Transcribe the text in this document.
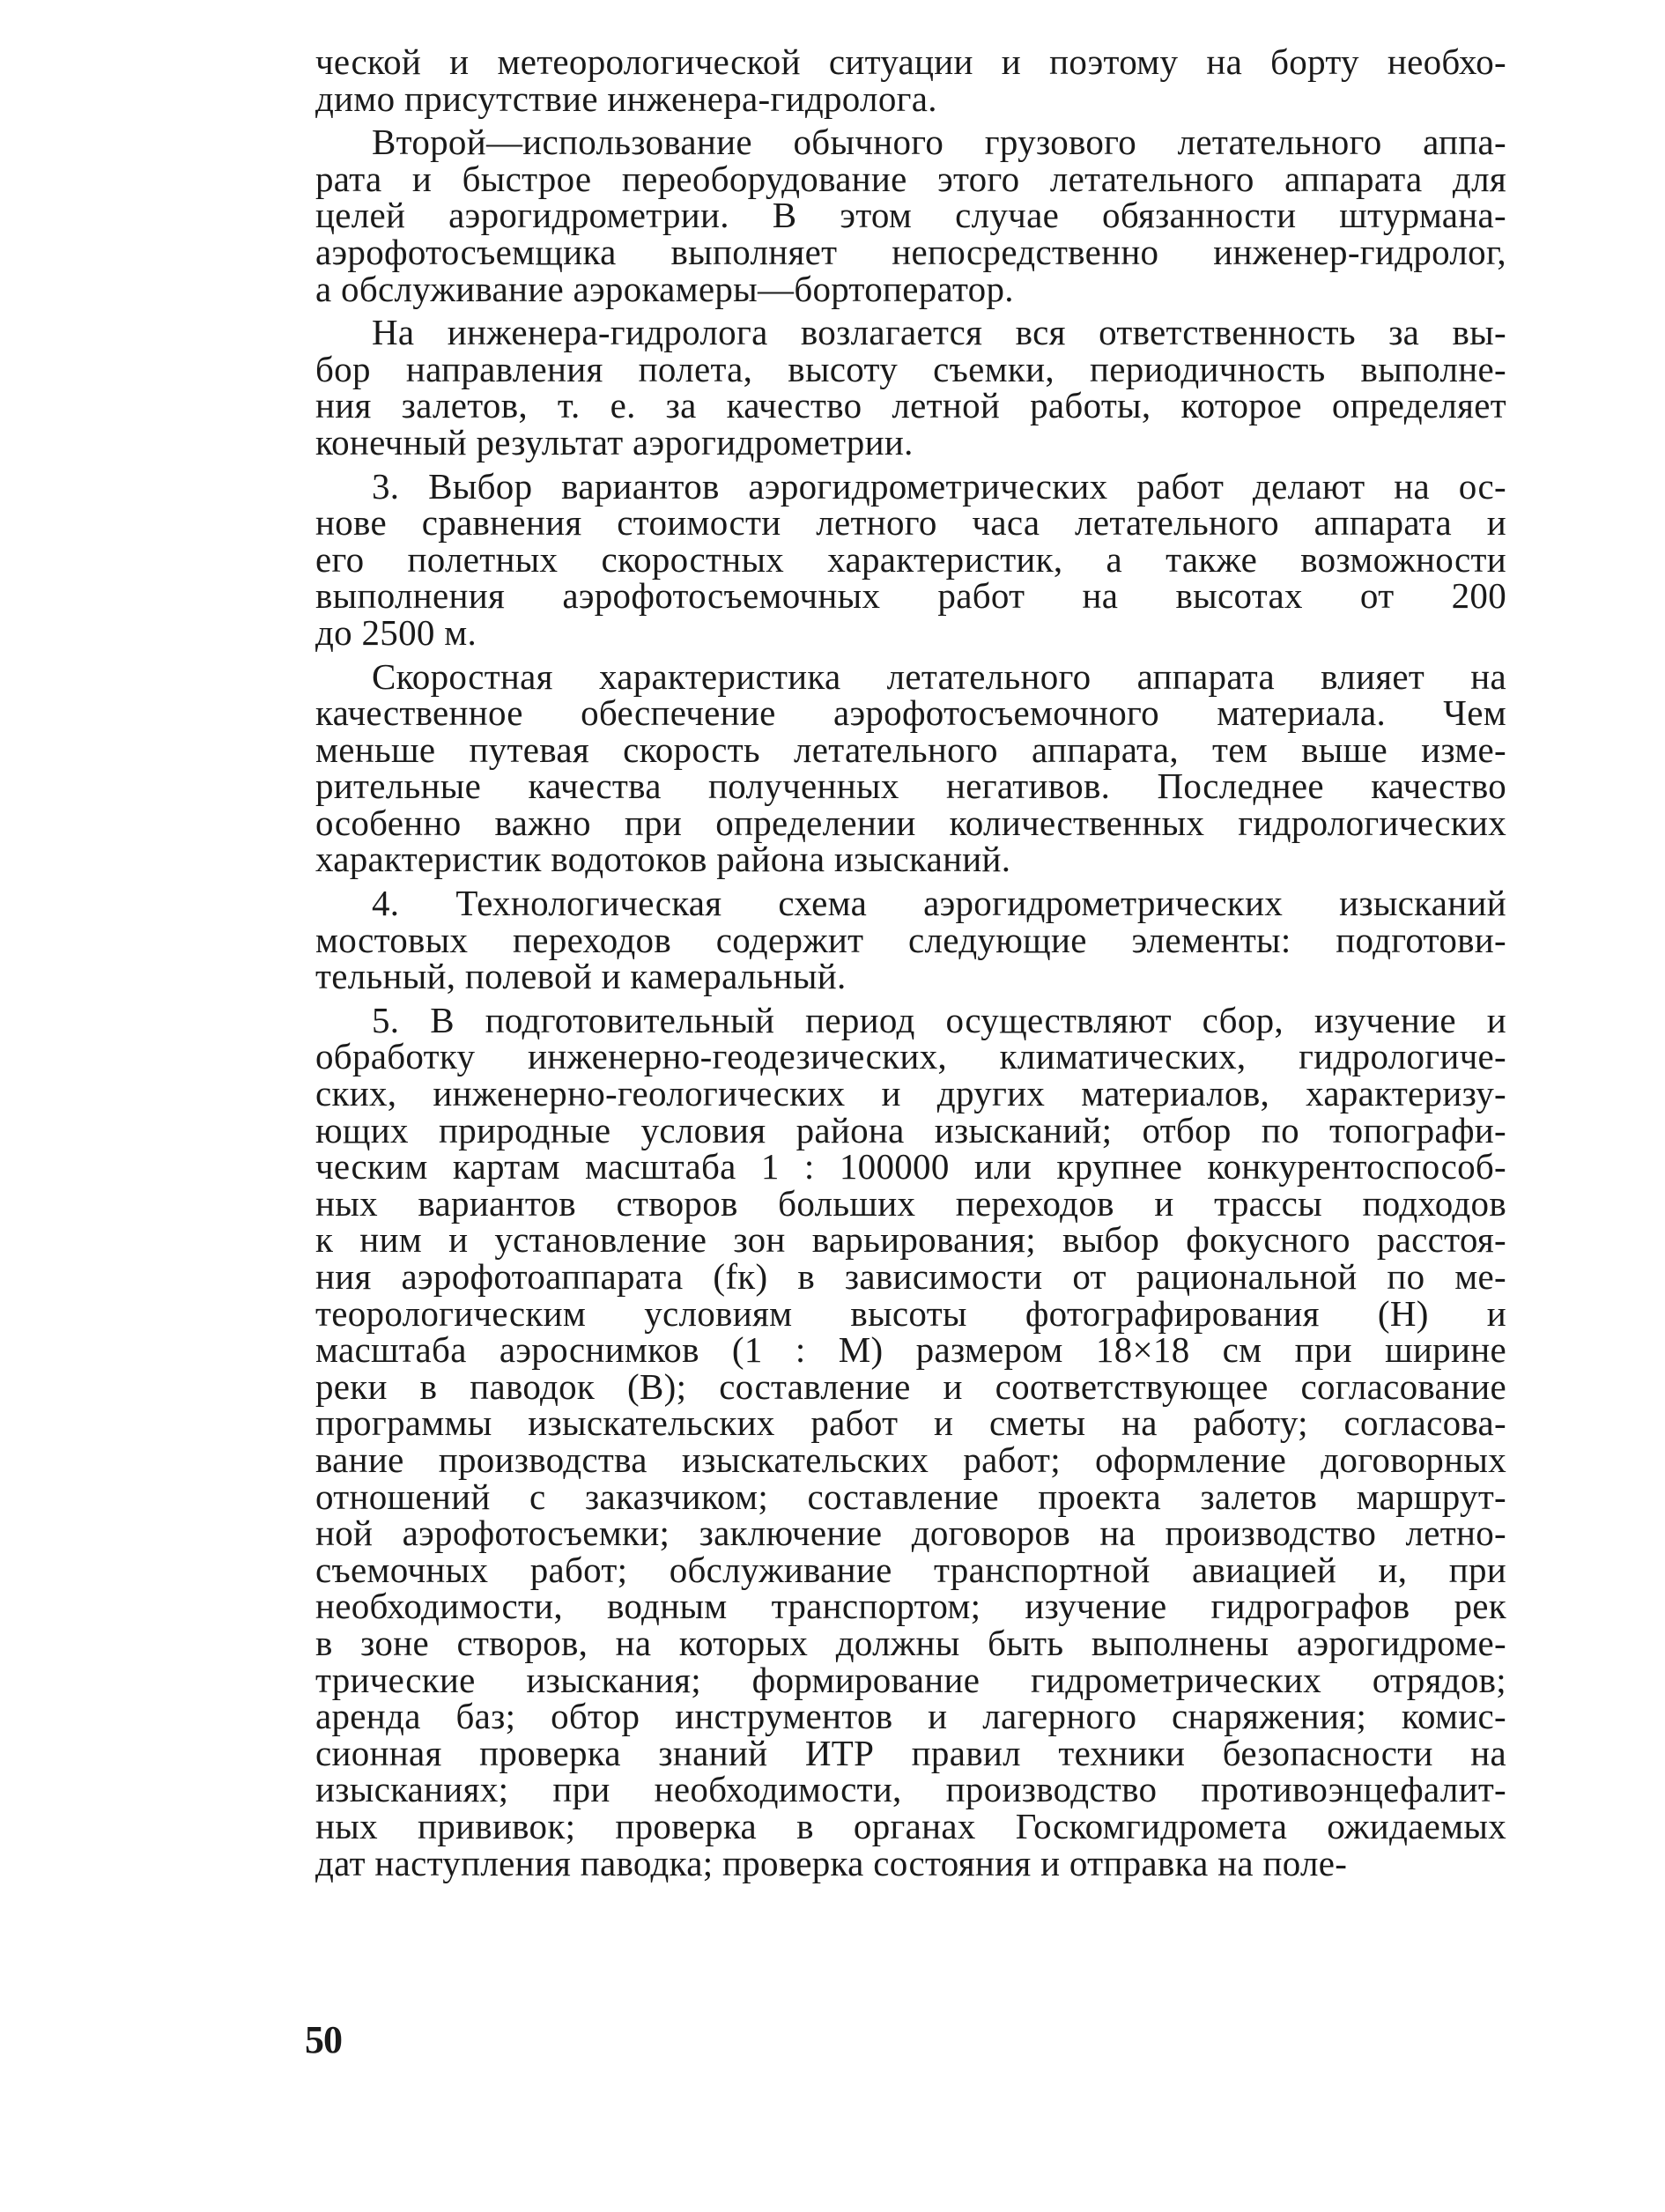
ческой и метеорологической ситуации и поэтому на борту необхо-
димо присутствие инженера-гидролога.
Второй—использование обычного грузового летательного аппа-
рата и быстрое переоборудование этого летательного аппарата для
целей аэрогидрометрии. В этом случае обязанности штурмана-
аэрофотосъемщика выполняет непосредственно инженер-гидролог,
а обслуживание аэрокамеры—бортоператор.
На инженера-гидролога возлагается вся ответственность за вы-
бор направления полета, высоту съемки, периодичность выполне-
ния залетов, т. е. за качество летной работы, которое определяет
конечный результат аэрогидрометрии.
3. Выбор вариантов аэрогидрометрических работ делают на ос-
нове сравнения стоимости летного часа летательного аппарата и
его полетных скоростных характеристик, а также возможности
выполнения аэрофотосъемочных работ на высотах от 200
до 2500 м.
Скоростная характеристика летательного аппарата влияет на
качественное обеспечение аэрофотосъемочного материала. Чем
меньше путевая скорость летательного аппарата, тем выше изме-
рительные качества полученных негативов. Последнее качество
особенно важно при определении количественных гидрологических
характеристик водотоков района изысканий.
4. Технологическая схема аэрогидрометрических изысканий
мостовых переходов содержит следующие элементы: подготови-
тельный, полевой и камеральный.
5. В подготовительный период осуществляют сбор, изучение и
обработку инженерно-геодезических, климатических, гидрологиче-
ских, инженерно-геологических и других материалов, характеризу-
ющих природные условия района изысканий; отбор по топографи-
ческим картам масштаба 1 : 100000 или крупнее конкурентоспособ-
ных вариантов створов больших переходов и трассы подходов
к ним и установление зон варьирования; выбор фокусного расстоя-
ния аэрофотоаппарата (fк) в зависимости от рациональной по ме-
теорологическим условиям высоты фотографирования (H) и
масштаба аэроснимков (1 : M) размером 18×18 см при ширине
реки в паводок (B); составление и соответствующее согласование
программы изыскательских работ и сметы на работу; согласова-
вание производства изыскательских работ; оформление договорных
отношений с заказчиком; составление проекта залетов маршрут-
ной аэрофотосъемки; заключение договоров на производство летно-
съемочных работ; обслуживание транспортной авиацией и, при
необходимости, водным транспортом; изучение гидрографов рек
в зоне створов, на которых должны быть выполнены аэрогидроме-
трические изыскания; формирование гидрометрических отрядов;
аренда баз; обтор инструментов и лагерного снаряжения; комис-
сионная проверка знаний ИТР правил техники безопасности на
изысканиях; при необходимости, производство противоэнцефалит-
ных прививок; проверка в органах Госкомгидромета ожидаемых
дат наступления паводка; проверка состояния и отправка на поле-
50
